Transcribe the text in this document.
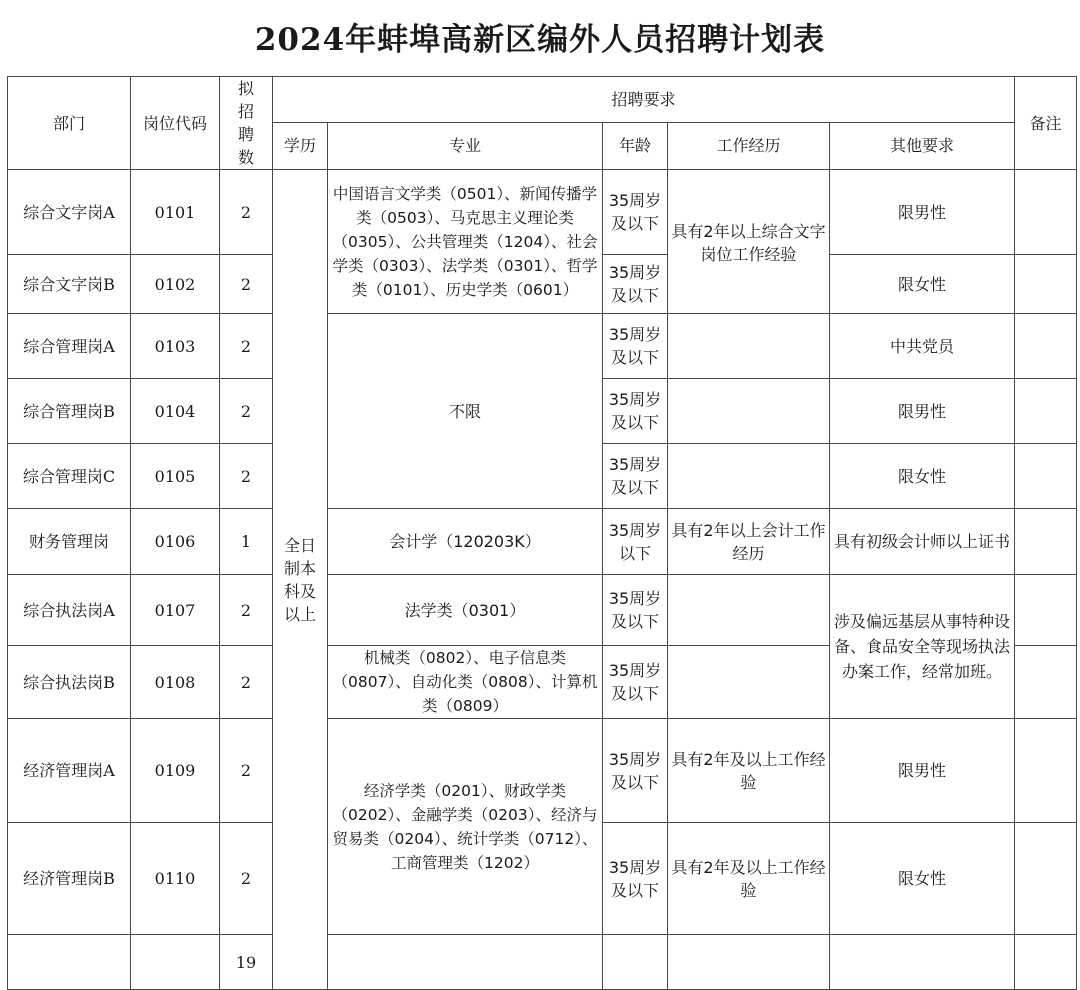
2024年蚌埠高新区编外人员招聘计划表
部门	岗位代码	拟招聘数	招聘要求					备注
			学历	专业	年龄	工作经历	其他要求	
综合文字岗A	0101	2	全日制本科及以上	中国语言文学类（0501）、新闻传播学类（0503）、马克思主义理论类（0305）、公共管理类（1204）、社会学类（0303）、法学类（0301）、哲学类（0101）、历史学类（0601）	35周岁及以下	具有2年以上综合文字岗位工作经验	限男性	
综合文字岗B	0102	2			35周岁及以下		限女性	
综合管理岗A	0103	2		不限	35周岁及以下		中共党员	
综合管理岗B	0104	2			35周岁及以下		限男性	
综合管理岗C	0105	2			35周岁及以下		限女性	
财务管理岗	0106	1		会计学（120203K）	35周岁以下	具有2年以上会计工作经历	具有初级会计师以上证书	
综合执法岗A	0107	2		法学类（0301）	35周岁及以下		涉及偏远基层从事特种设备、食品安全等现场执法办案工作，经常加班。	
综合执法岗B	0108	2		机械类（0802）、电子信息类（0807）、自动化类（0808）、计算机类（0809）	35周岁及以下			
经济管理岗A	0109	2		经济学类（0201）、财政学类（0202）、金融学类（0203）、经济与贸易类（0204）、统计学类（0712）、工商管理类（1202）	35周岁及以下	具有2年及以上工作经验	限男性	
经济管理岗B	0110	2			35周岁及以下	具有2年及以上工作经验	限女性	
		19						
